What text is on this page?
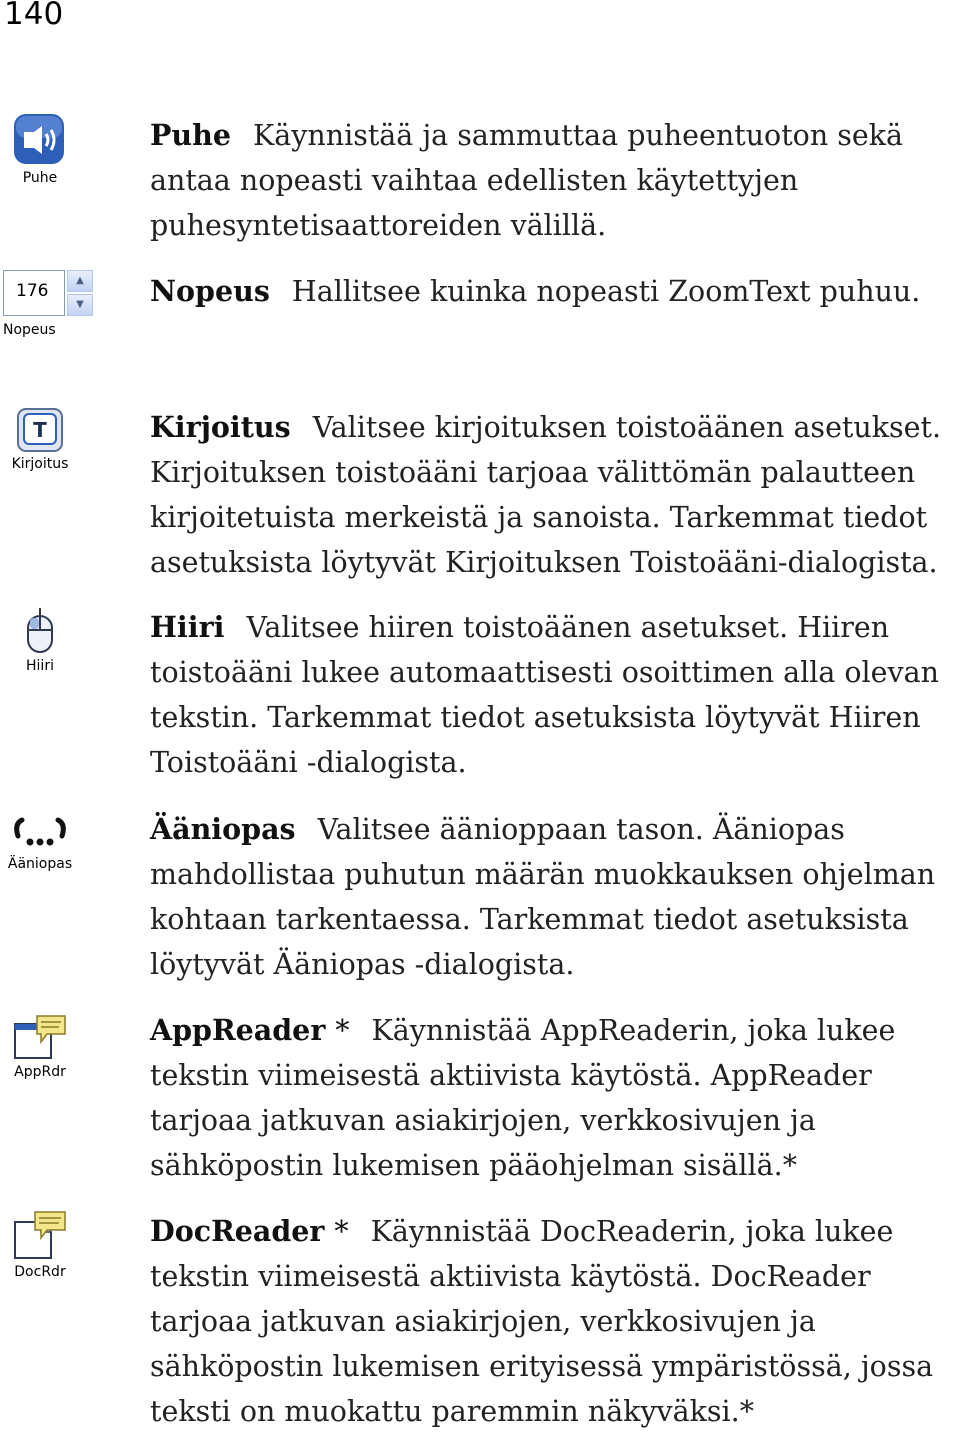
140
Puhe
Puhe Käynnistää ja sammuttaa puheentuoton sekä antaa nopeasti vaihtaa edellisten käytettyjen puhesyntetisaattoreiden välillä.
176
▲
▼
Nopeus
Nopeus Hallitsee kuinka nopeasti ZoomText puhuu.
T
Kirjoitus
Kirjoitus Valitsee kirjoituksen toistoäänen asetukset. Kirjoituksen toistoääni tarjoaa välittömän palautteen kirjoitetuista merkeistä ja sanoista. Tarkemmat tiedot asetuksista löytyvät Kirjoituksen Toistoääni-dialogista.
Hiiri
Hiiri Valitsee hiiren toistoäänen asetukset. Hiiren toistoääni lukee automaattisesti osoittimen alla olevan tekstin. Tarkemmat tiedot asetuksista löytyvät Hiiren Toistoääni -dialogista.
Ääniopas
Ääniopas Valitsee äänioppaan tason. Ääniopas mahdollistaa puhutun määrän muokkauksen ohjelman kohtaan tarkentaessa. Tarkemmat tiedot asetuksista löytyvät Ääniopas -dialogista.
AppRdr
AppReader * Käynnistää AppReaderin, joka lukee tekstin viimeisestä aktiivista käytöstä. AppReader tarjoaa jatkuvan asiakirjojen, verkkosivujen ja sähköpostin lukemisen pääohjelman sisällä.*
DocRdr
DocReader * Käynnistää DocReaderin, joka lukee tekstin viimeisestä aktiivista käytöstä. DocReader tarjoaa jatkuvan asiakirjojen, verkkosivujen ja sähköpostin lukemisen erityisessä ympäristössä, jossa teksti on muokattu paremmin näkyväksi.*
